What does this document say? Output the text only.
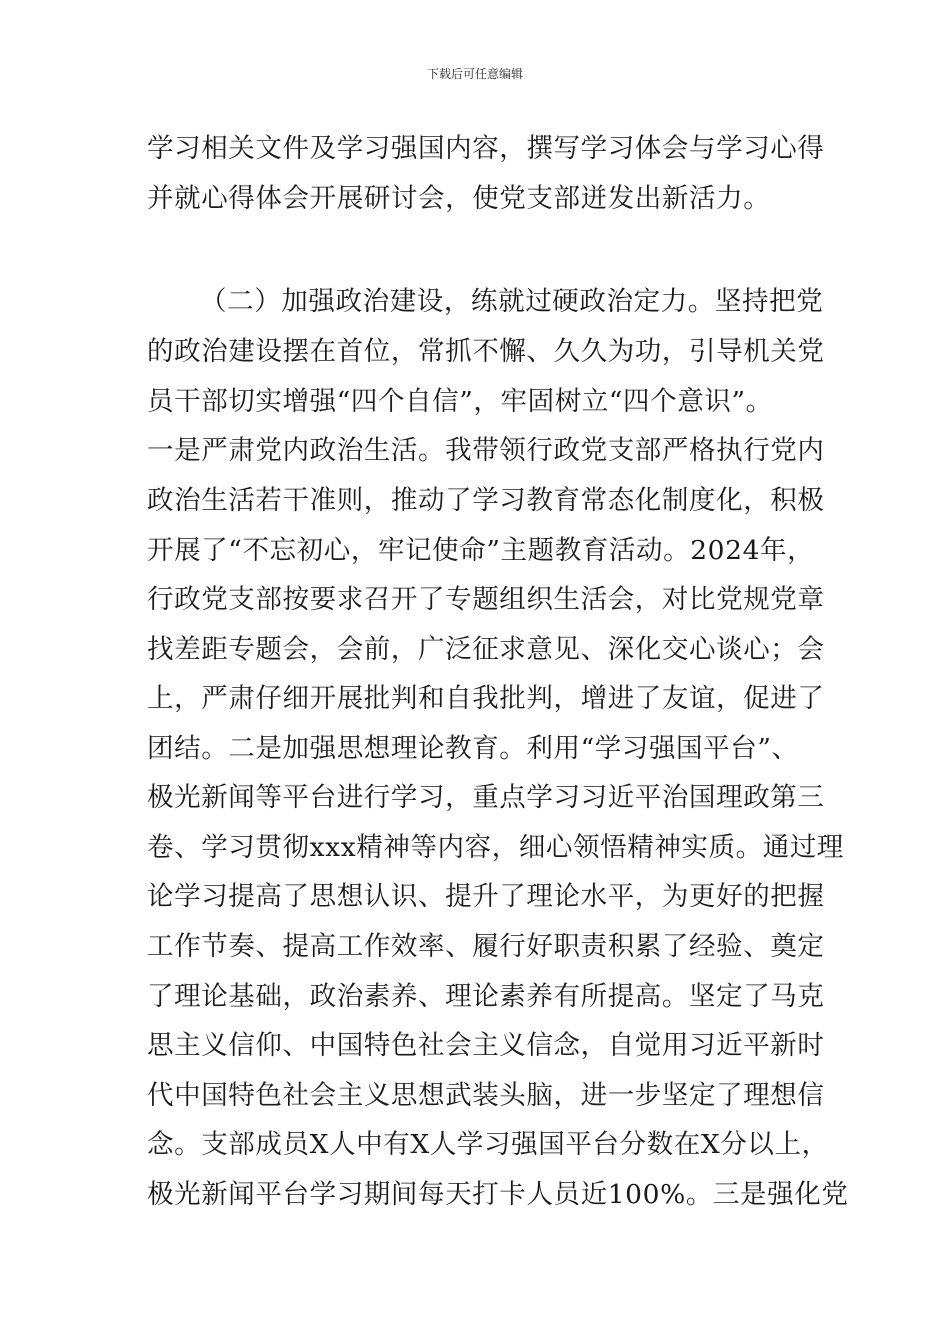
下载后可任意编辑
学习相关文件及学习强国内容，撰写学习体会与学习心得
并就心得体会开展研讨会，使党支部迸发出新活力。
（二）加强政治建设，练就过硬政治定力。坚持把党
的政治建设摆在首位，常抓不懈、久久为功，引导机关党
员干部切实增强“四个自信”，牢固树立“四个意识”。
一是严肃党内政治生活。我带领行政党支部严格执行党内
政治生活若干准则，推动了学习教育常态化制度化，积极
开展了“不忘初心，牢记使命”主题教育活动。2024年，
行政党支部按要求召开了专题组织生活会，对比党规党章
找差距专题会，会前，广泛征求意见、深化交心谈心；会
上，严肃仔细开展批判和自我批判，增进了友谊，促进了
团结。二是加强思想理论教育。利用“学习强国平台”、
极光新闻等平台进行学习，重点学习习近平治国理政第三
卷、学习贯彻xxx精神等内容，细心领悟精神实质。通过理
论学习提高了思想认识、提升了理论水平，为更好的把握
工作节奏、提高工作效率、履行好职责积累了经验、奠定
了理论基础，政治素养、理论素养有所提高。坚定了马克
思主义信仰、中国特色社会主义信念，自觉用习近平新时
代中国特色社会主义思想武装头脑，进一步坚定了理想信
念。支部成员X人中有X人学习强国平台分数在X分以上，
极光新闻平台学习期间每天打卡人员近100%。三是强化党
